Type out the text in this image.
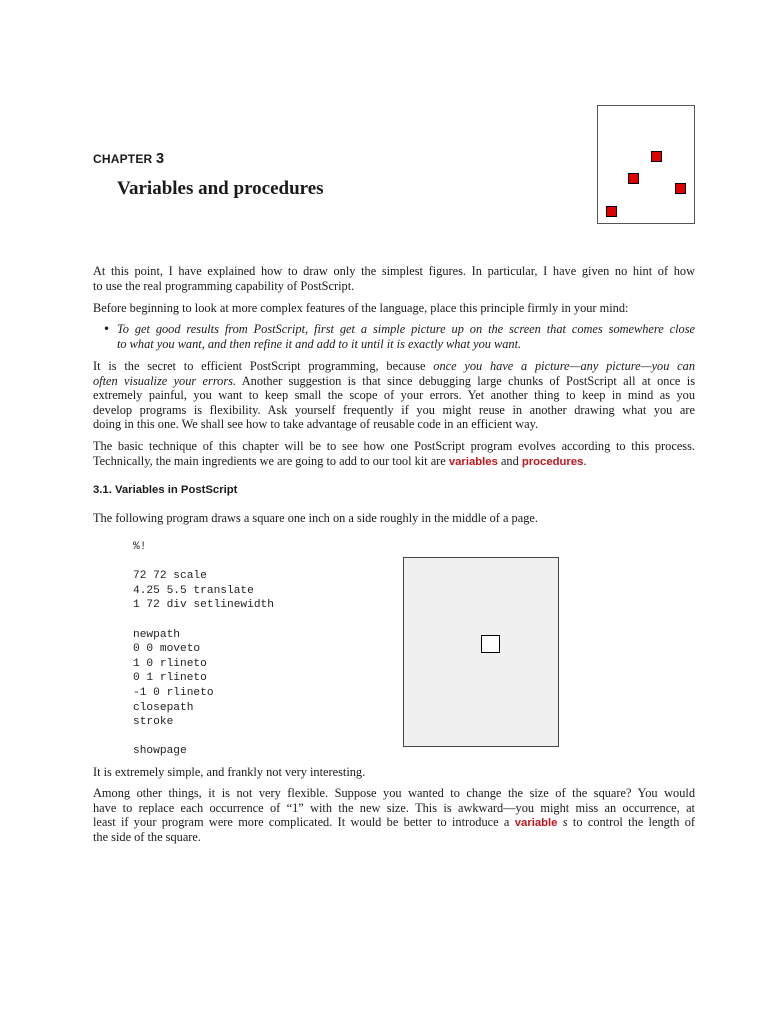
CHAPTER 3
Variables and procedures
At this point, I have explained how to draw only the simplest figures. In particular, I have given no hint of how
to use the real programming capability of PostScript.
Before beginning to look at more complex features of the language, place this principle firmly in your mind:
• To get good results from PostScript, first get a simple picture up on the screen that comes somewhere close
to what you want, and then refine it and add to it until it is exactly what you want.
It is the secret to efficient PostScript programming, because once you have a picture—any picture—you can
often visualize your errors. Another suggestion is that since debugging large chunks of PostScript all at once is
extremely painful, you want to keep small the scope of your errors. Yet another thing to keep in mind as you
develop programs is flexibility. Ask yourself frequently if you might reuse in another drawing what you are
doing in this one. We shall see how to take advantage of reusable code in an efficient way.
The basic technique of this chapter will be to see how one PostScript program evolves according to this process.
Technically, the main ingredients we are going to add to our tool kit are variables and procedures.
3.1. Variables in PostScript
The following program draws a square one inch on a side roughly in the middle of a page.
%!

72 72 scale
4.25 5.5 translate
1 72 div setlinewidth

newpath
0 0 moveto
1 0 rlineto
0 1 rlineto
-1 0 rlineto
closepath
stroke

showpage
It is extremely simple, and frankly not very interesting.
Among other things, it is not very flexible. Suppose you wanted to change the size of the square? You would
have to replace each occurrence of “1” with the new size. This is awkward—you might miss an occurrence, at
least if your program were more complicated. It would be better to introduce a variable s to control the length of
the side of the square.
